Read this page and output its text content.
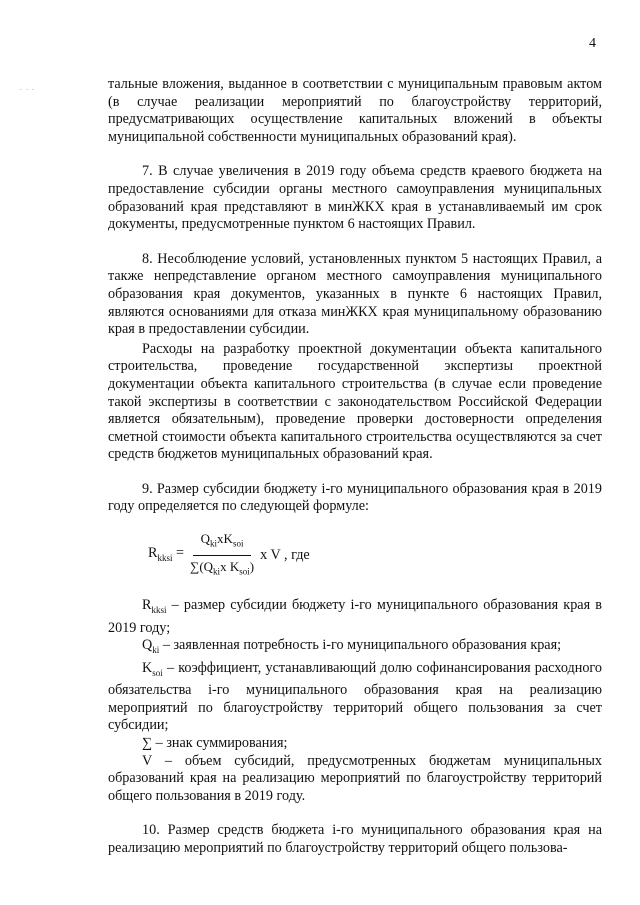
4
. . .	тальные вложения, выданное в соответствии с муниципальным правовым актом (в случае реализации мероприятий по благоустройству территорий, предусматривающих осуществление капитальных вложений в объекты муниципальной собственности муниципальных образований края).

7. В случае увеличения в 2019 году объема средств краевого бюджета на предоставление субсидии органы местного самоуправления муниципальных образований края представляют в минЖКХ края в устанавливаемый им срок документы, предусмотренные пунктом 6 настоящих Правил.

8. Несоблюдение условий, установленных пунктом 5 настоящих Правил, а также непредставление органом местного самоуправления муниципального образования края документов, указанных в пункте 6 настоящих Правил, являются основаниями для отказа минЖКХ края муниципальному образованию края в предоставлении субсидии.

Расходы на разработку проектной документации объекта капитального строительства, проведение государственной экспертизы проектной документации объекта капитального строительства (в случае если проведение такой экспертизы в соответствии с законодательством Российской Федерации является обязательным), проведение проверки достоверности определения сметной стоимости объекта капитального строительства осуществляются за счет средств бюджетов муниципальных образований края.

9. Размер субсидии бюджету i-го муниципального образования края в 2019 году определяется по следующей формуле:

$R_{kksi} = \frac{Q_{ki}xK_{soi}}{\sum(Q_{ki}x K_{soi})}$ x V , где

$R_{kksi}$ – размер субсидии бюджету i-го муниципального образования края в 2019 году;

$Q_{ki}$ – заявленная потребность i-го муниципального образования края;

$K_{soi}$ – коэффициент, устанавливающий долю софинансирования расходного обязательства i-го муниципального образования края на реализацию мероприятий по благоустройству территорий общего пользования за счет субсидии;

∑ – знак суммирования;

V – объем субсидий, предусмотренных бюджетам муниципальных образований края на реализацию мероприятий по благоустройству территорий общего пользования в 2019 году.

10. Размер средств бюджета i-го муниципального образования края на реализацию мероприятий по благоустройству территорий общего пользова-
